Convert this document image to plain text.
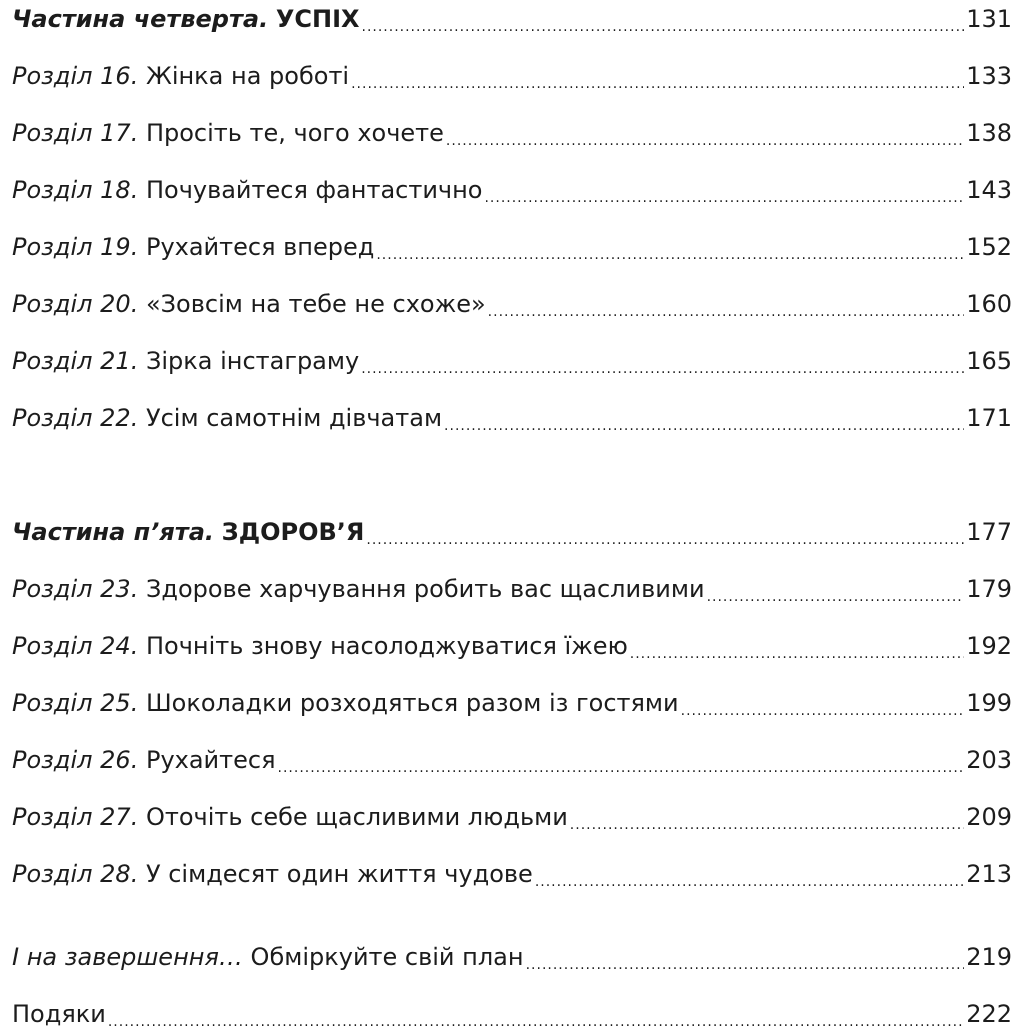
Частина четверта. УСПІХ .....	131
Розділ 16. Жінка на роботі .....	133
Розділ 17. Просіть те, чого хочете .....	138
Розділ 18. Почувайтеся фантастично .....	143
Розділ 19. Рухайтеся вперед .....	152
Розділ 20. «Зовсім на тебе не схоже» .....	160
Розділ 21. Зірка інстаграму .....	165
Розділ 22. Усім самотнім дівчатам .....	171
Частина п’ята. ЗДОРОВ’Я .....	177
Розділ 23. Здорове харчування робить вас щасливими .....	179
Розділ 24. Почніть знову насолоджуватися їжею .....	192
Розділ 25. Шоколадки розходяться разом із гостями .....	199
Розділ 26. Рухайтеся .....	203
Розділ 27. Оточіть себе щасливими людьми .....	209
Розділ 28. У сімдесят один життя чудове .....	213
І на завершення… Обміркуйте свій план .....	219
Подяки .....	222
